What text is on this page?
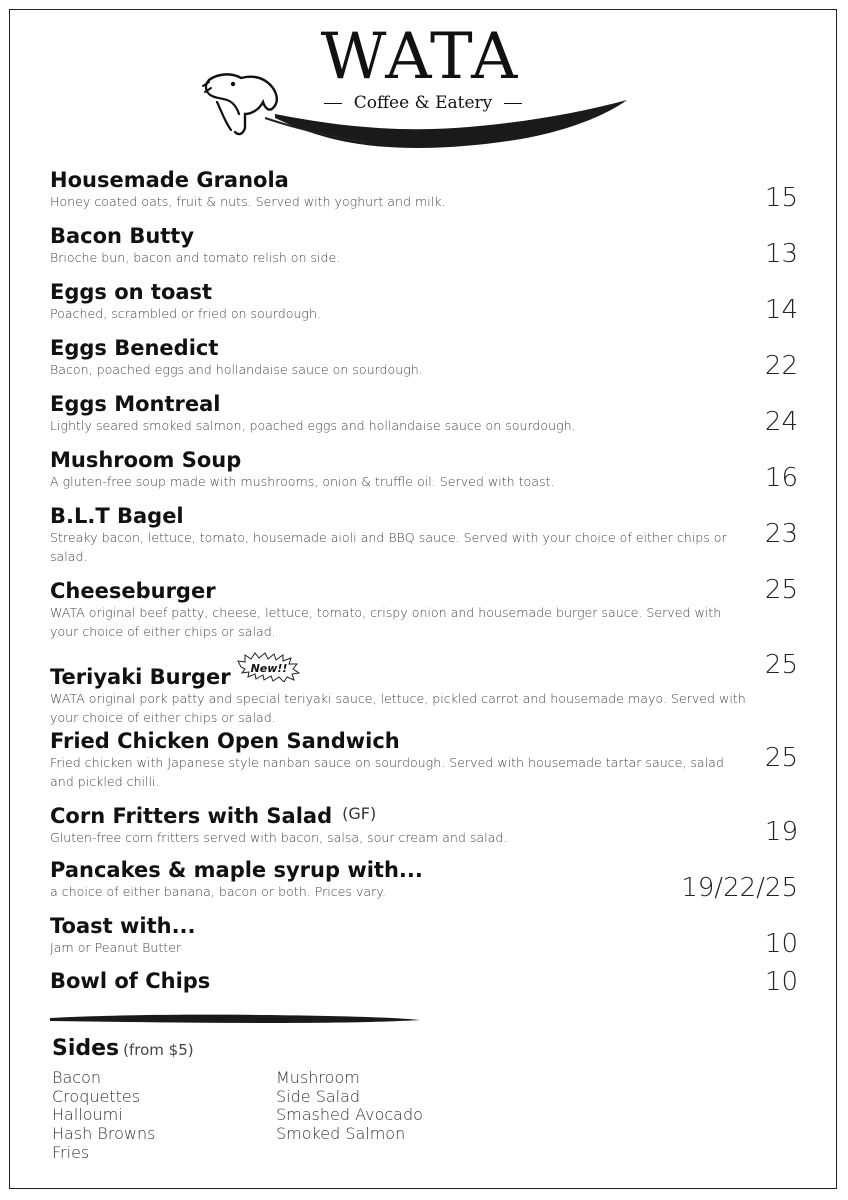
WATA
Coffee & Eatery
Housemade Granola
Honey coated oats, fruit & nuts. Served with yoghurt and milk.	15
Bacon Butty
Brioche bun, bacon and tomato relish on side.	13
Eggs on toast
Poached, scrambled or fried on sourdough.	14
Eggs Benedict
Bacon, poached eggs and hollandaise sauce on sourdough.	22
Eggs Montreal
Lightly seared smoked salmon, poached eggs and hollandaise sauce on sourdough.	24
Mushroom Soup
A gluten-free soup made with mushrooms, onion & truffle oil. Served with toast.	16
B.L.T Bagel
Streaky bacon, lettuce, tomato, housemade aioli and BBQ sauce. Served with your choice of either chips or salad.
23
Cheeseburger
WATA original beef patty, cheese, lettuce, tomato, crispy onion and housemade burger sauce. Served with your choice of either chips or salad.
25
Teriyaki Burger New!!
WATA original pork patty and special teriyaki sauce, lettuce, pickled carrot and housemade mayo. Served with your choice of either chips or salad.
25
Fried Chicken Open Sandwich
Fried chicken with Japanese style nanban sauce on sourdough. Served with housemade tartar sauce, salad and pickled chilli.
25
Corn Fritters with Salad (GF)
Gluten-free corn fritters served with bacon, salsa, sour cream and salad.	19
Pancakes & maple syrup with...
a choice of either banana, bacon or both. Prices vary.	19/22/25
Toast with...
Jam or Peanut Butter	10
Bowl of Chips	10
Sides (from $5)
Bacon
Croquettes
Halloumi
Hash Browns
Fries
Mushroom
Side Salad
Smashed Avocado
Smoked Salmon
